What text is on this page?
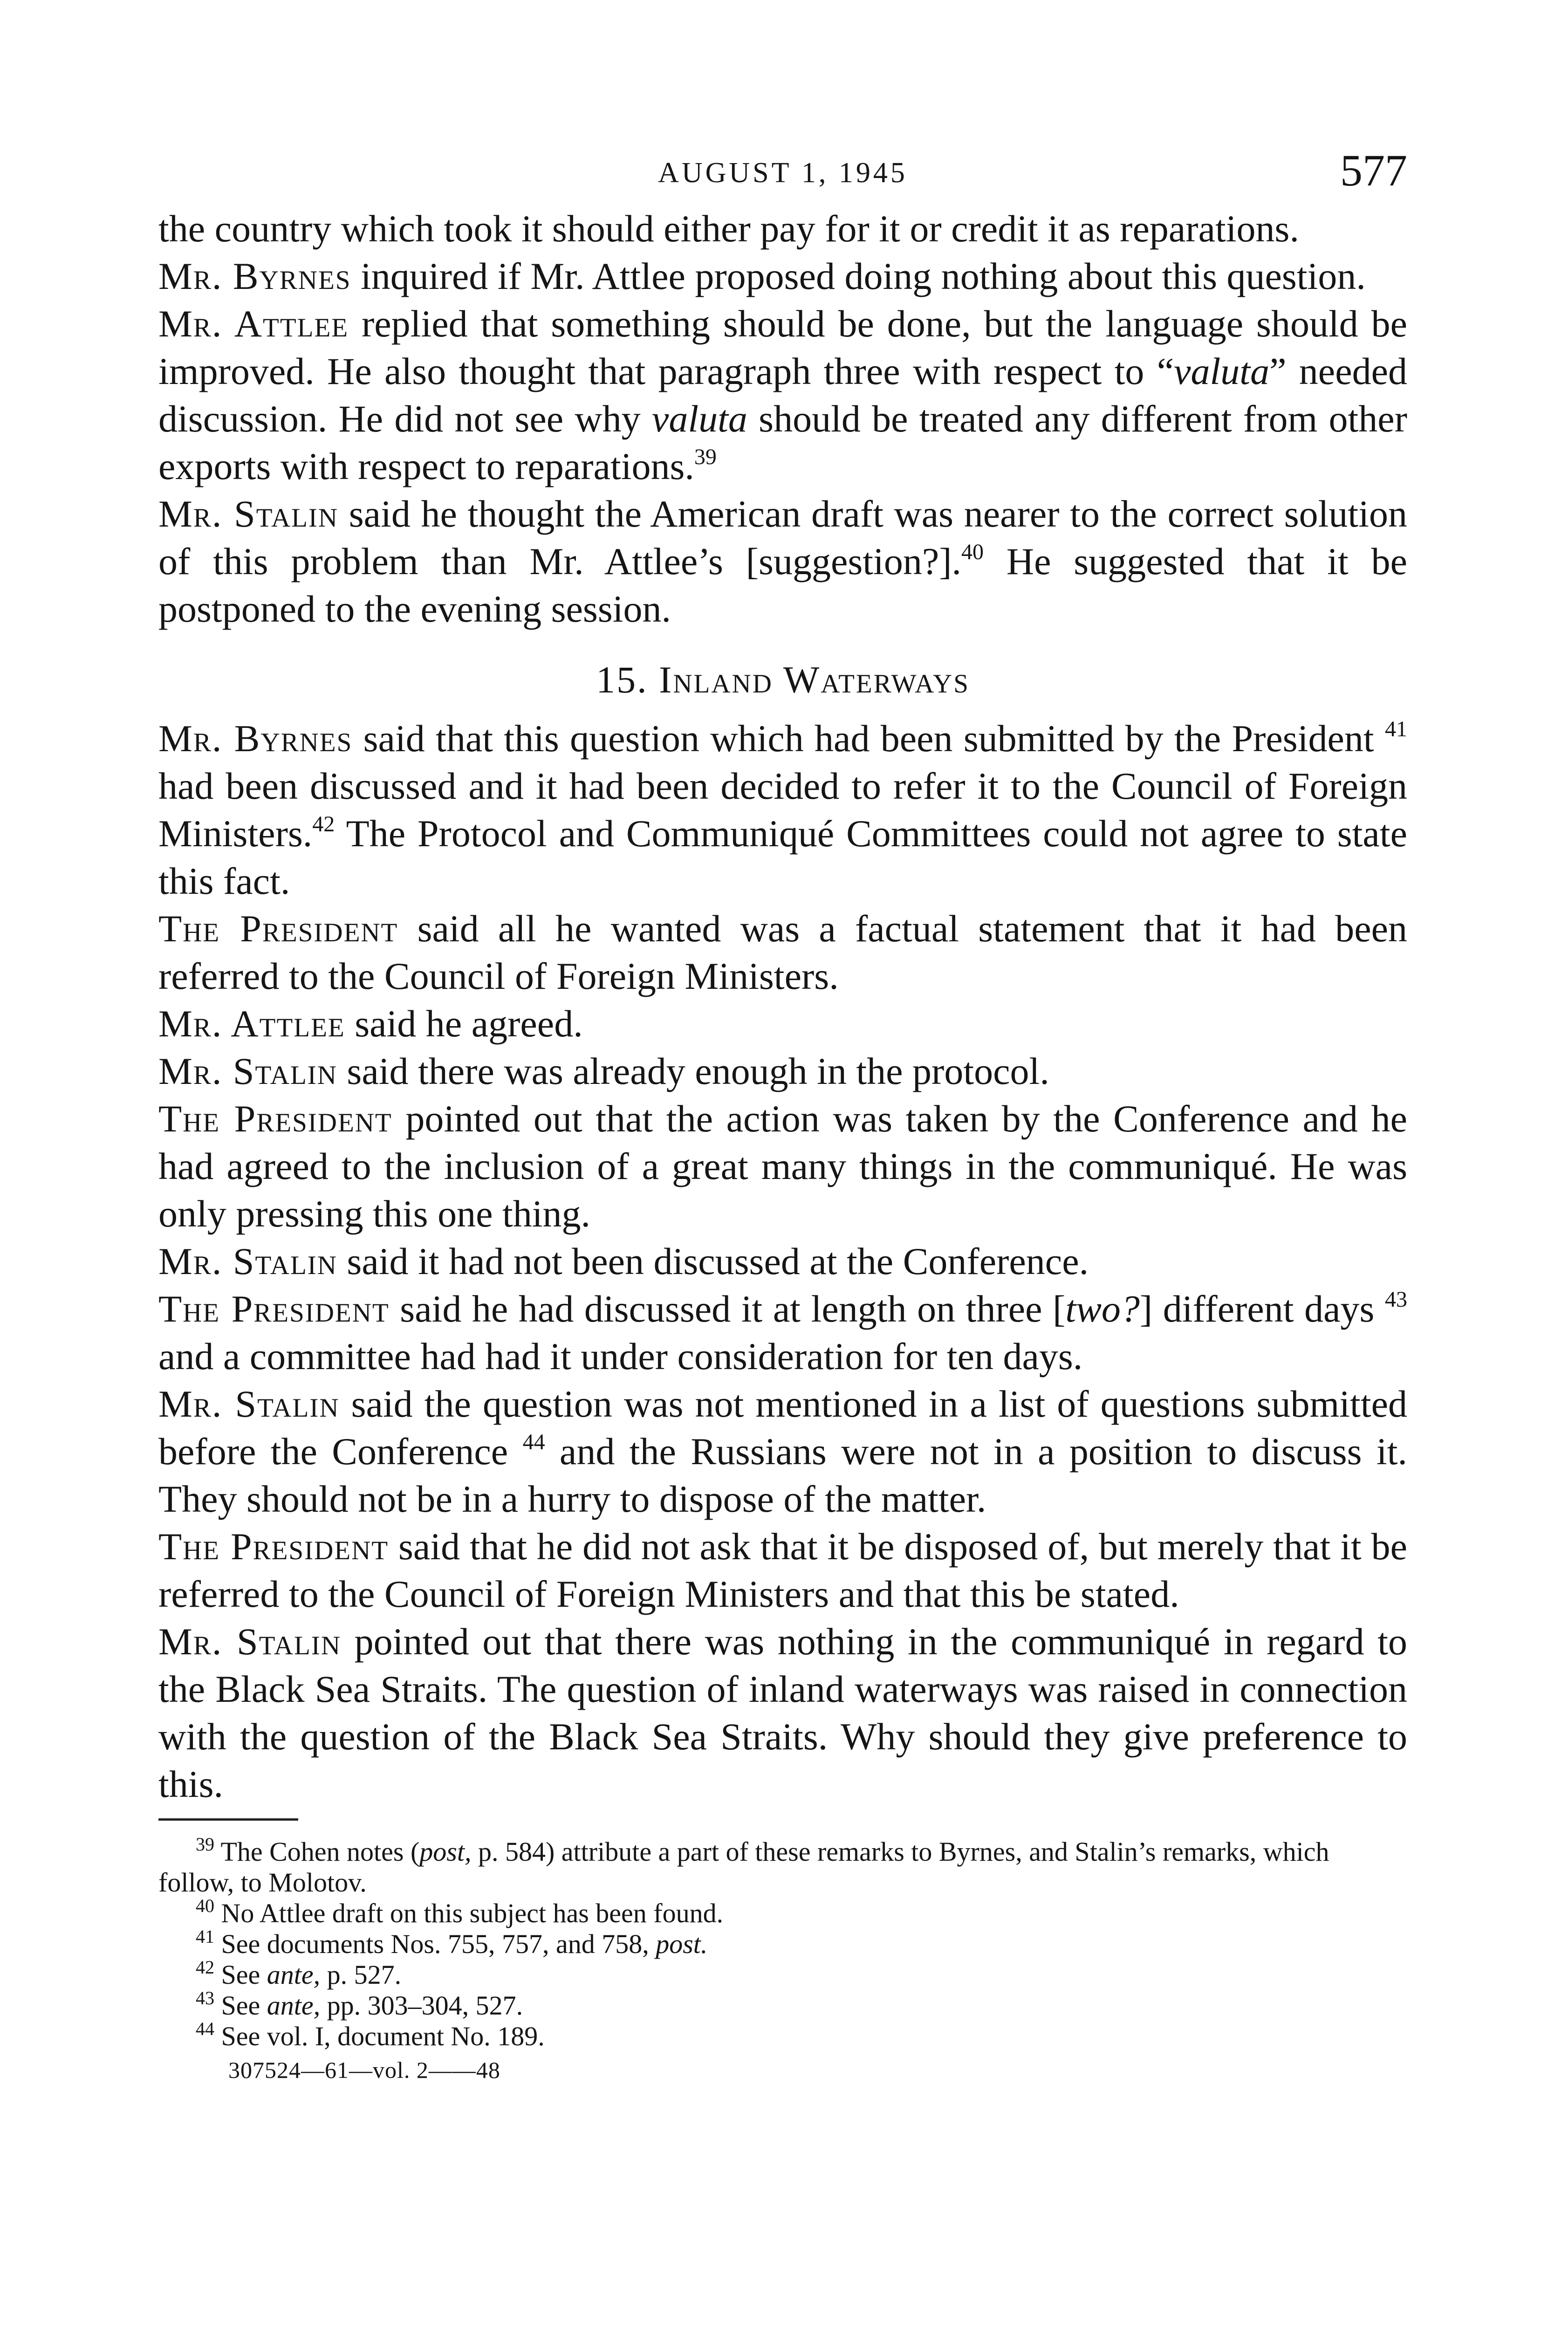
AUGUST 1, 1945	577

the country which took it should either pay for it or credit it as reparations.

Mr. Byrnes inquired if Mr. Attlee proposed doing nothing about this question.

Mr. Attlee replied that something should be done, but the language should be improved. He also thought that paragraph three with respect to “valuta” needed discussion. He did not see why valuta should be treated any different from other exports with respect to reparations.$^{39}$

Mr. Stalin said he thought the American draft was nearer to the correct solution of this problem than Mr. Attlee’s [suggestion?].$^{40}$ He suggested that it be postponed to the evening session.

15. Inland Waterways

Mr. Byrnes said that this question which had been submitted by the President $^{41}$ had been discussed and it had been decided to refer it to the Council of Foreign Ministers.$^{42}$ The Protocol and Communiqué Committees could not agree to state this fact.

The President said all he wanted was a factual statement that it had been referred to the Council of Foreign Ministers.

Mr. Attlee said he agreed.

Mr. Stalin said there was already enough in the protocol.

The President pointed out that the action was taken by the Conference and he had agreed to the inclusion of a great many things in the communiqué. He was only pressing this one thing.

Mr. Stalin said it had not been discussed at the Conference.

The President said he had discussed it at length on three [two?] different days $^{43}$ and a committee had had it under consideration for ten days.

Mr. Stalin said the question was not mentioned in a list of questions submitted before the Conference $^{44}$ and the Russians were not in a position to discuss it. They should not be in a hurry to dispose of the matter.

The President said that he did not ask that it be disposed of, but merely that it be referred to the Council of Foreign Ministers and that this be stated.

Mr. Stalin pointed out that there was nothing in the communiqué in regard to the Black Sea Straits. The question of inland waterways was raised in connection with the question of the Black Sea Straits. Why should they give preference to this.

$^{39}$ The Cohen notes (post, p. 584) attribute a part of these remarks to Byrnes, and Stalin’s remarks, which follow, to Molotov.

$^{40}$ No Attlee draft on this subject has been found.

$^{41}$ See documents Nos. 755, 757, and 758, post.

$^{42}$ See ante, p. 527.

$^{43}$ See ante, pp. 303–304, 527.

$^{44}$ See vol. I, document No. 189.

307524—61—vol. 2——48
